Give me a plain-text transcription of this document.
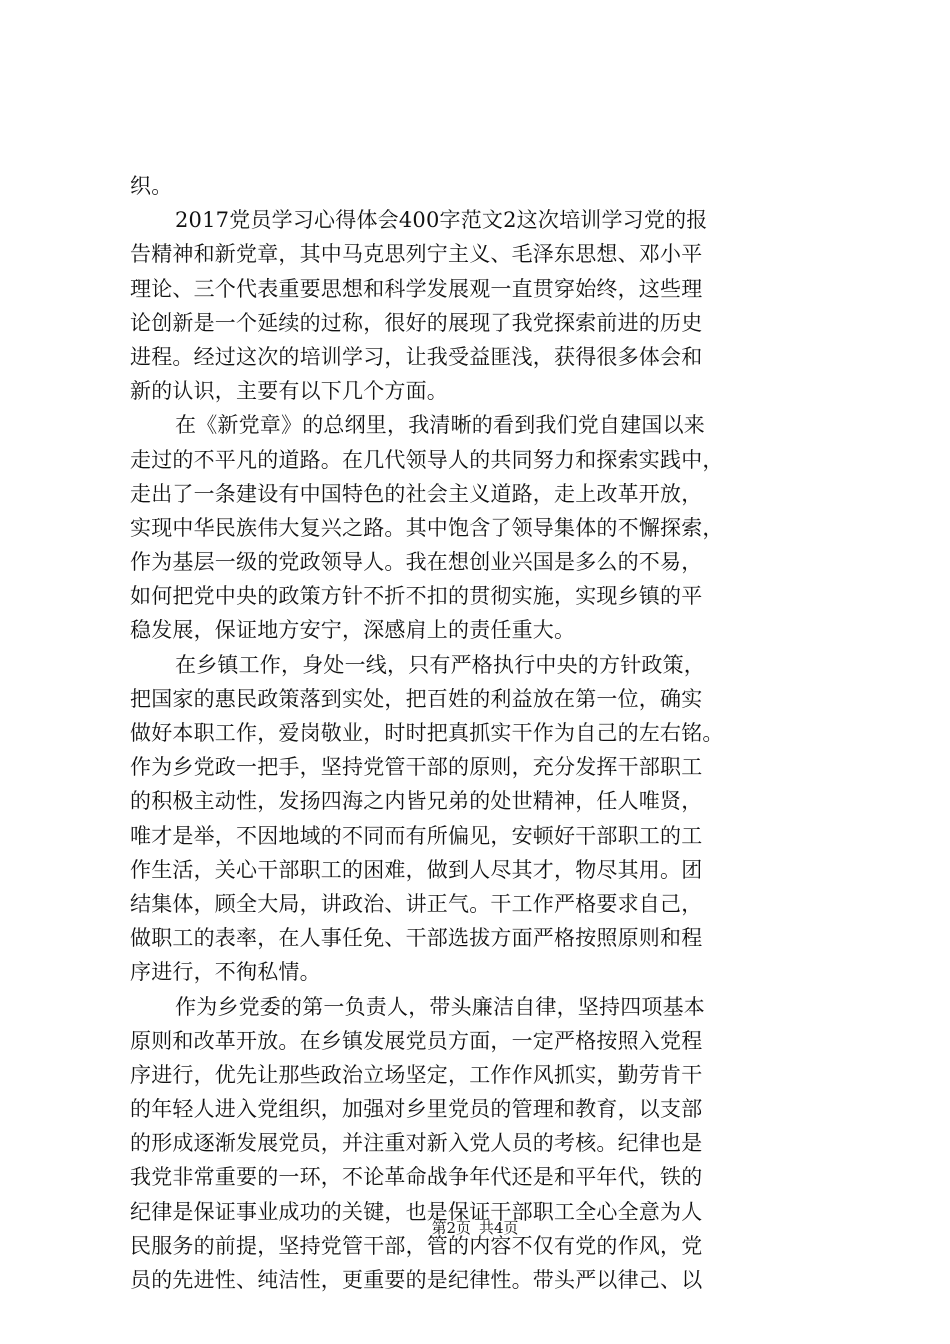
织。
2017党员学习心得体会400字范文2这次培训学习党的报
告精神和新党章，其中马克思列宁主义、毛泽东思想、邓小平
理论、三个代表重要思想和科学发展观一直贯穿始终，这些理
论创新是一个延续的过称，很好的展现了我党探索前进的历史
进程。经过这次的培训学习，让我受益匪浅，获得很多体会和
新的认识，主要有以下几个方面。
在《新党章》的总纲里，我清晰的看到我们党自建国以来
走过的不平凡的道路。在几代领导人的共同努力和探索实践中，
走出了一条建设有中国特色的社会主义道路，走上改革开放，
实现中华民族伟大复兴之路。其中饱含了领导集体的不懈探索，
作为基层一级的党政领导人。我在想创业兴国是多么的不易，
如何把党中央的政策方针不折不扣的贯彻实施，实现乡镇的平
稳发展，保证地方安宁，深感肩上的责任重大。
在乡镇工作，身处一线，只有严格执行中央的方针政策，
把国家的惠民政策落到实处，把百姓的利益放在第一位，确实
做好本职工作，爱岗敬业，时时把真抓实干作为自己的左右铭。
作为乡党政一把手，坚持党管干部的原则，充分发挥干部职工
的积极主动性，发扬四海之内皆兄弟的处世精神，任人唯贤，
唯才是举，不因地域的不同而有所偏见，安顿好干部职工的工
作生活，关心干部职工的困难，做到人尽其才，物尽其用。团
结集体，顾全大局，讲政治、讲正气。干工作严格要求自己，
做职工的表率，在人事任免、干部选拔方面严格按照原则和程
序进行，不徇私情。
作为乡党委的第一负责人，带头廉洁自律，坚持四项基本
原则和改革开放。在乡镇发展党员方面，一定严格按照入党程
序进行，优先让那些政治立场坚定，工作作风抓实，勤劳肯干
的年轻人进入党组织，加强对乡里党员的管理和教育，以支部
的形成逐渐发展党员，并注重对新入党人员的考核。纪律也是
我党非常重要的一环，不论革命战争年代还是和平年代，铁的
纪律是保证事业成功的关键，也是保证干部职工全心全意为人
民服务的前提，坚持党管干部，管的内容不仅有党的作风，党
员的先进性、纯洁性，更重要的是纪律性。带头严以律己、以
第2页 共4页
